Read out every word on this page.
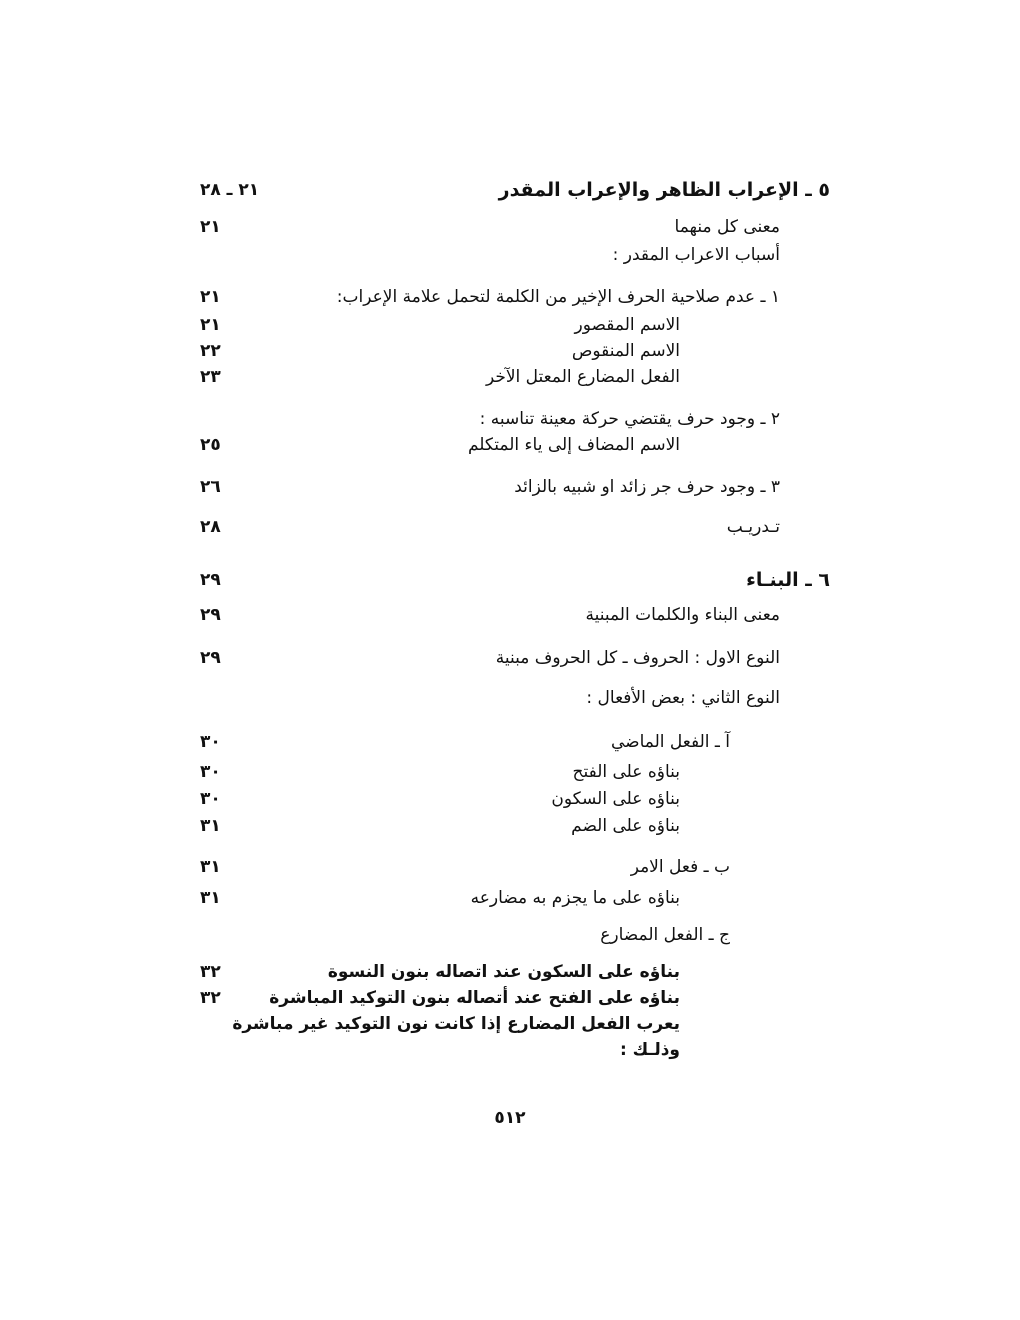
٥ ـ الإعراب الظاهر والإعراب المقدر
٢١ ـ ٢٨
معنى كل منهما
٢١
أسباب الاعراب المقدر :
١ ـ عدم صلاحية الحرف الإخير من الكلمة لتحمل علامة الإعراب:
٢١
الاسم المقصور
٢١
الاسم المنقوص
٢٢
الفعل المضارع المعتل الآخر
٢٣
٢ ـ وجود حرف يقتضي حركة معينة تناسبه :
الاسم المضاف إلى ياء المتكلم
٢٥
٣ ـ وجود حرف جر زائد او شبيه بالزائد
٢٦
تـدريـب
٢٨
٦ ـ البنـاء
٢٩
معنى البناء والكلمات المبنية
٢٩
النوع الاول : الحروف ـ كل الحروف مبنية
٢٩
النوع الثاني : بعض الأفعال :
آ ـ الفعل الماضي
٣٠
بناؤه على الفتح
٣٠
بناؤه على السكون
٣٠
بناؤه على الضم
٣١
ب ـ فعل الامر
٣١
بناؤه على ما يجزم به مضارعه
٣١
ج ـ الفعل المضارع
بناؤه على السكون عند اتصاله بنون النسوة
٣٢
بناؤه على الفتح عند أتصاله بنون التوكيد المباشرة
٣٢
يعرب الفعل المضارع إذا كانت نون التوكيد غير مباشرة
وذلـك :
٥١٢
